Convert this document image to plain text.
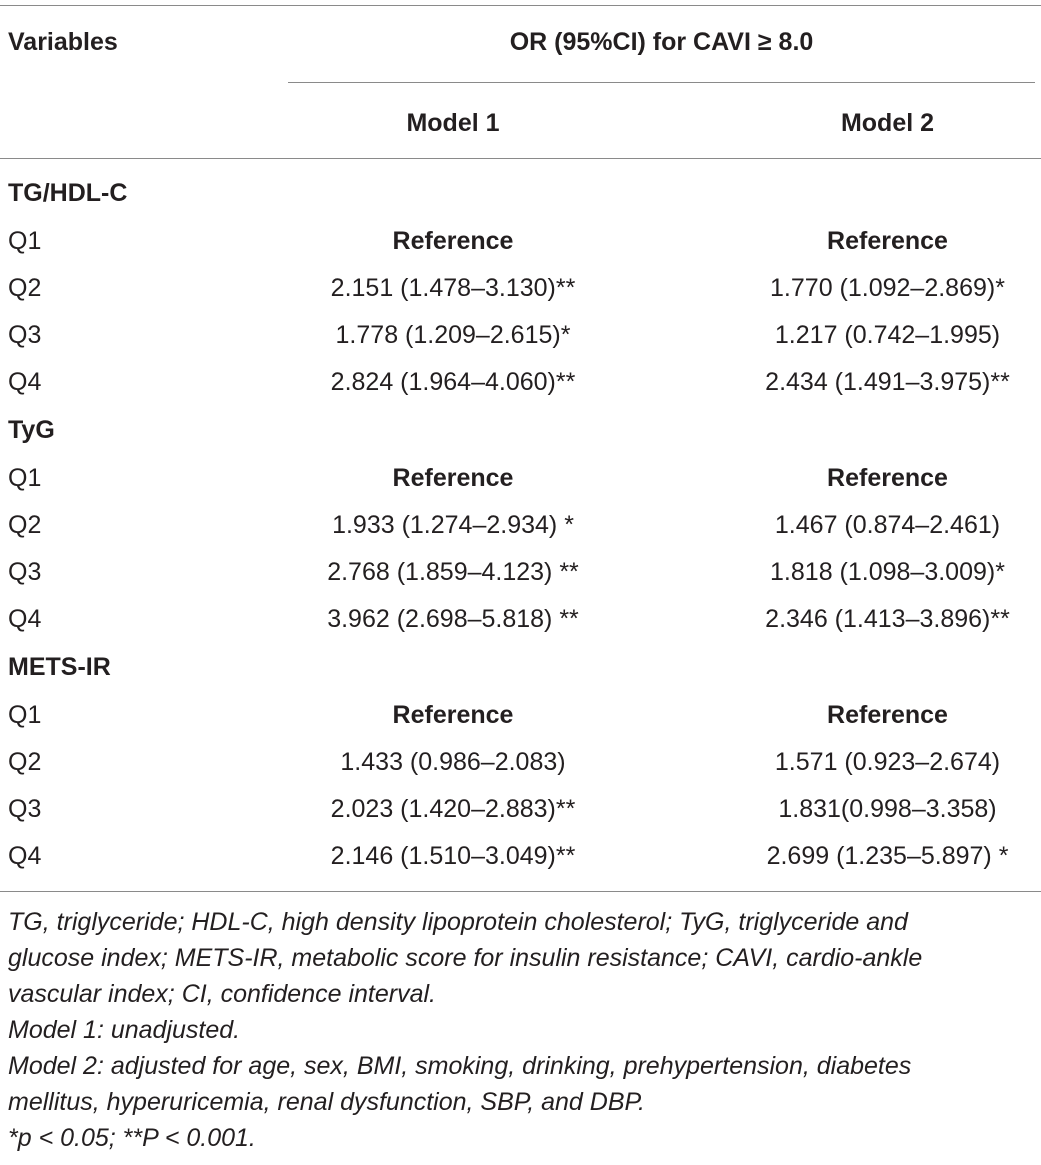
Variables	OR (95%CI) for CAVI ≥ 8.0
Model 1	Model 2
TG/HDL-C
Q1	Reference	Reference
Q2	2.151 (1.478–3.130)**	1.770 (1.092–2.869)*
Q3	1.778 (1.209–2.615)*	1.217 (0.742–1.995)
Q4	2.824 (1.964–4.060)**	2.434 (1.491–3.975)**
TyG
Q1	Reference	Reference
Q2	1.933 (1.274–2.934) *	1.467 (0.874–2.461)
Q3	2.768 (1.859–4.123) **	1.818 (1.098–3.009)*
Q4	3.962 (2.698–5.818) **	2.346 (1.413–3.896)**
METS-IR
Q1	Reference	Reference
Q2	1.433 (0.986–2.083)	1.571 (0.923–2.674)
Q3	2.023 (1.420–2.883)**	1.831(0.998–3.358)
Q4	2.146 (1.510–3.049)**	2.699 (1.235–5.897) *
TG, triglyceride; HDL-C, high density lipoprotein cholesterol; TyG, triglyceride and
glucose index; METS-IR, metabolic score for insulin resistance; CAVI, cardio-ankle
vascular index; CI, confidence interval.
Model 1: unadjusted.
Model 2: adjusted for age, sex, BMI, smoking, drinking, prehypertension, diabetes
mellitus, hyperuricemia, renal dysfunction, SBP, and DBP.
*p < 0.05; **P < 0.001.
